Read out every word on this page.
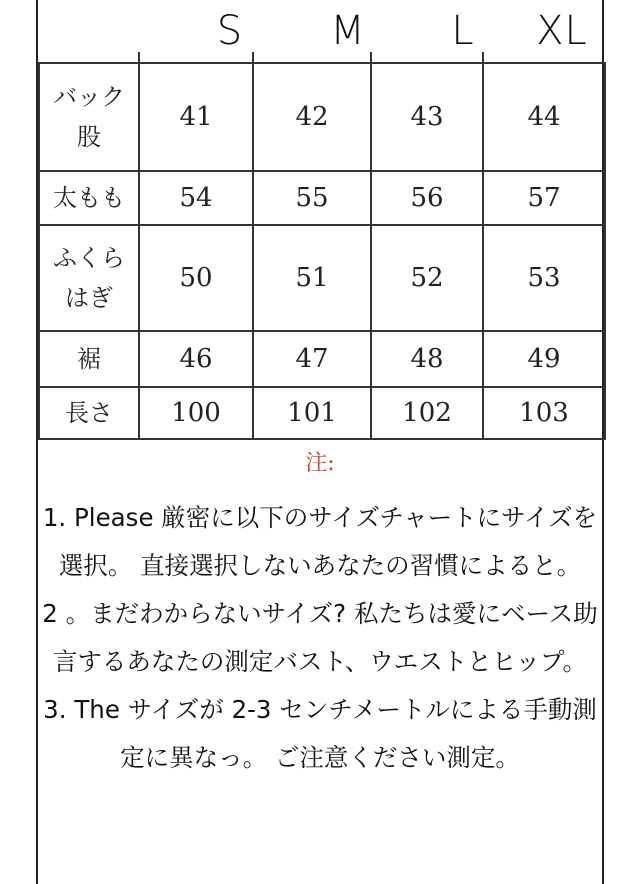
S	M	L	XL
バック
股	41	42	43	44
太もも	54	55	56	57
ふくら
はぎ	50	51	52	53
裾	46	47	48	49
長さ	100	101	102	103
注:

1. Please 厳密に以下のサイズチャートにサイズを選択。 直接選択しないあなたの習慣によると。

2 。まだわからないサイズ? 私たちは愛にベース助言するあなたの測定バスト、ウエストとヒップ。

3. The サイズが 2-3 センチメートルによる手動測定に異なっ。 ご注意ください測定。
